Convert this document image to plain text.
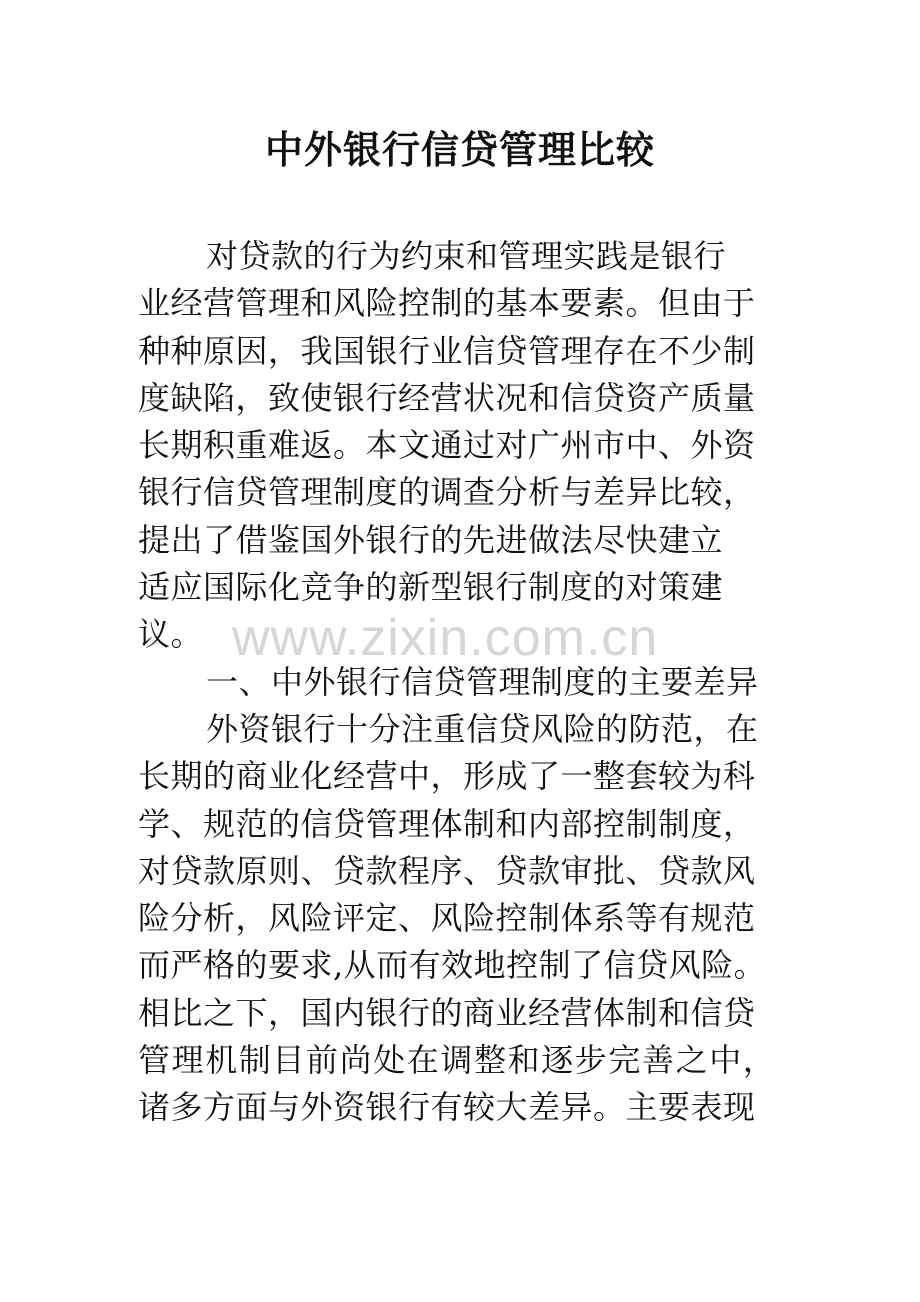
中外银行信贷管理比较
对贷款的行为约束和管理实践是银行
业经营管理和风险控制的基本要素。但由于
种种原因，我国银行业信贷管理存在不少制
度缺陷，致使银行经营状况和信贷资产质量
长期积重难返。本文通过对广州市中、外资
银行信贷管理制度的调查分析与差异比较，
提出了借鉴国外银行的先进做法尽快建立
适应国际化竞争的新型银行制度的对策建
议。
一、中外银行信贷管理制度的主要差异
外资银行十分注重信贷风险的防范，在
长期的商业化经营中，形成了一整套较为科
学、规范的信贷管理体制和内部控制制度，
对贷款原则、贷款程序、贷款审批、贷款风
险分析，风险评定、风险控制体系等有规范
而严格的要求,从而有效地控制了信贷风险。
相比之下，国内银行的商业经营体制和信贷
管理机制目前尚处在调整和逐步完善之中，
诸多方面与外资银行有较大差异。主要表现
www.zixin.com.cn
